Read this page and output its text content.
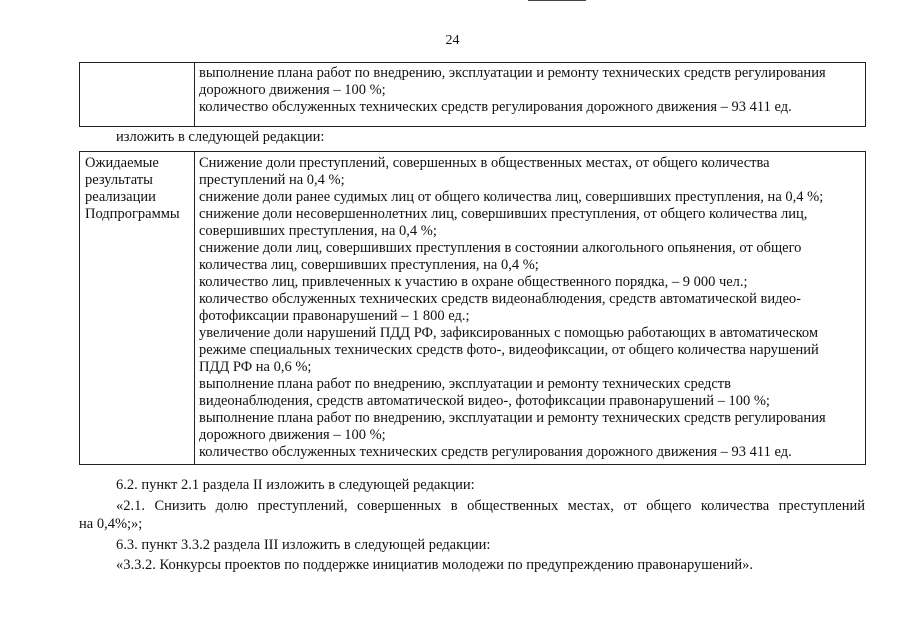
24

выполнение плана работ по внедрению, эксплуатации и ремонту технических средств регулирования
дорожного движения – 100 %;
количество обслуженных технических средств регулирования дорожного движения – 93 411 ед.
изложить в следующей редакции:
Ожидаемые
результаты
реализации
Подпрограммы

Снижение доли преступлений, совершенных в общественных местах, от общего количества
преступлений на 0,4 %;
снижение доли ранее судимых лиц от общего количества лиц, совершивших преступления, на 0,4 %;
снижение доли несовершеннолетних лиц, совершивших преступления, от общего количества лиц,
совершивших преступления, на 0,4 %;
снижение доли лиц, совершивших преступления в состоянии алкогольного опьянения, от общего
количества лиц, совершивших преступления, на 0,4 %;
количество лиц, привлеченных к участию в охране общественного порядка, – 9 000 чел.;
количество обслуженных технических средств видеонаблюдения, средств автоматической видео-
фотофиксации правонарушений – 1 800 ед.;
увеличение доли нарушений ПДД РФ, зафиксированных с помощью работающих в автоматическом
режиме специальных технических средств фото-, видеофиксации, от общего количества нарушений
ПДД РФ на 0,6 %;
выполнение плана работ по внедрению, эксплуатации и ремонту технических средств
видеонаблюдения, средств автоматической видео-, фотофиксации правонарушений – 100 %;
выполнение плана работ по внедрению, эксплуатации и ремонту технических средств регулирования
дорожного движения – 100 %;
количество обслуженных технических средств регулирования дорожного движения – 93 411 ед.
6.2. пункт 2.1 раздела II изложить в следующей редакции:
«2.1. Снизить долю преступлений, совершенных в общественных местах, от общего количества преступлений
на 0,4%;»;
6.3. пункт 3.3.2 раздела III изложить в следующей редакции:
«3.3.2. Конкурсы проектов по поддержке инициатив молодежи по предупреждению правонарушений».
